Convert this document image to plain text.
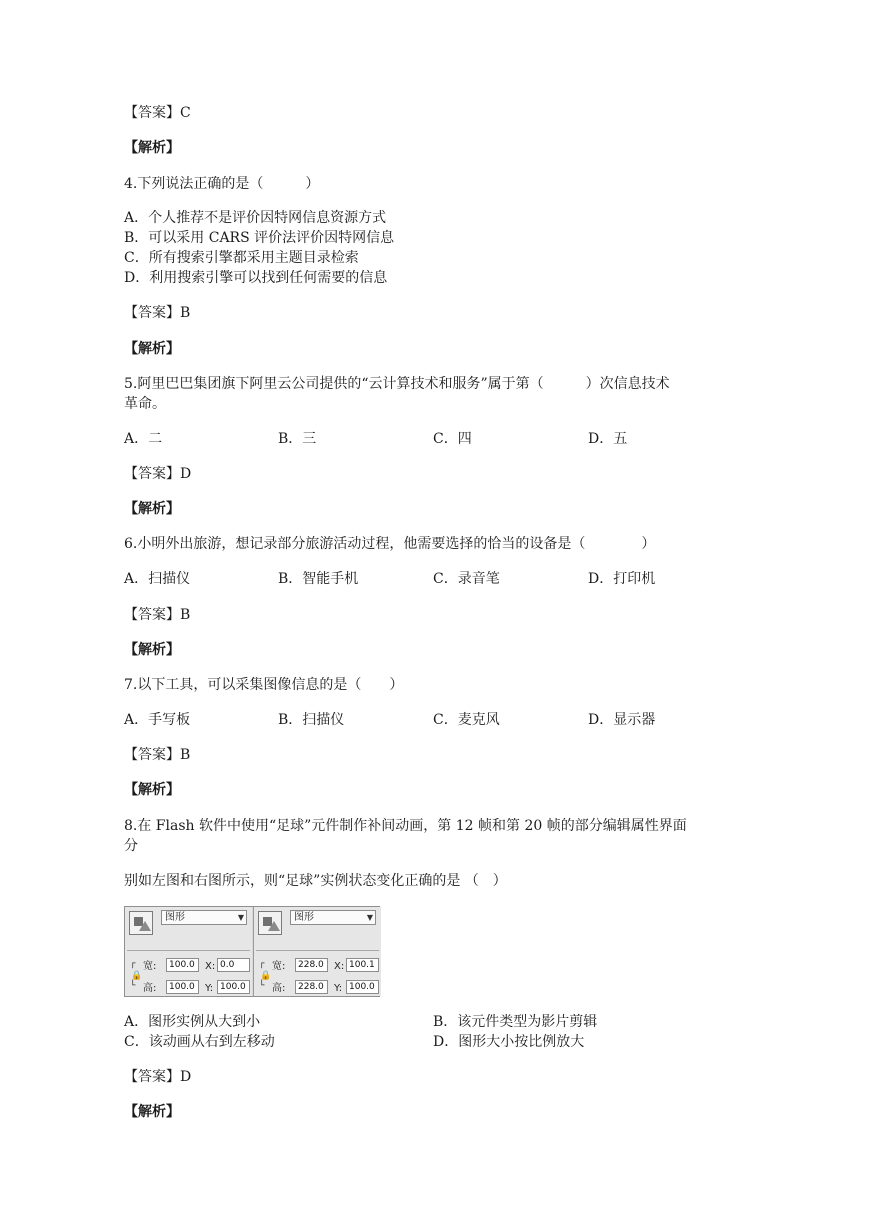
【答案】C
【解析】
4.下列说法正确的是（　　　）
A．个人推荐不是评价因特网信息资源方式
B．可以采用 CARS 评价法评价因特网信息
C．所有搜索引擎都采用主题目录检索
D．利用搜索引擎可以找到任何需要的信息
【答案】B
【解析】
5.阿里巴巴集团旗下阿里云公司提供的“云计算技术和服务”属于第（　　　）次信息技术
革命。
A．二	B．三	C．四	D．五
【答案】D
【解析】
6.小明外出旅游，想记录部分旅游活动过程，他需要选择的恰当的设备是（　　　　）
A．扫描仪	B．智能手机	C．录音笔	D．打印机
【答案】B
【解析】
7.以下工具，可以采集图像信息的是（　　）
A．手写板	B．扫描仪	C．麦克风	D．显示器
【答案】B
【解析】
8.在 Flash 软件中使用“足球”元件制作补间动画，第 12 帧和第 20 帧的部分编辑属性界面
分
别如左图和右图所示，则“足球”实例状态变化正确的是 （　）
图形	▼
┌
🔒
└
宽:	100.0	X: 0.0
高:	100.0	Y: 100.0
图形	▼
┌
🔒
└
宽:	228.0	X: 100.1
高:	228.0	Y: 100.0
A．图形实例从大到小	B．该元件类型为影片剪辑
C．该动画从右到左移动	D．图形大小按比例放大
【答案】D
【解析】
